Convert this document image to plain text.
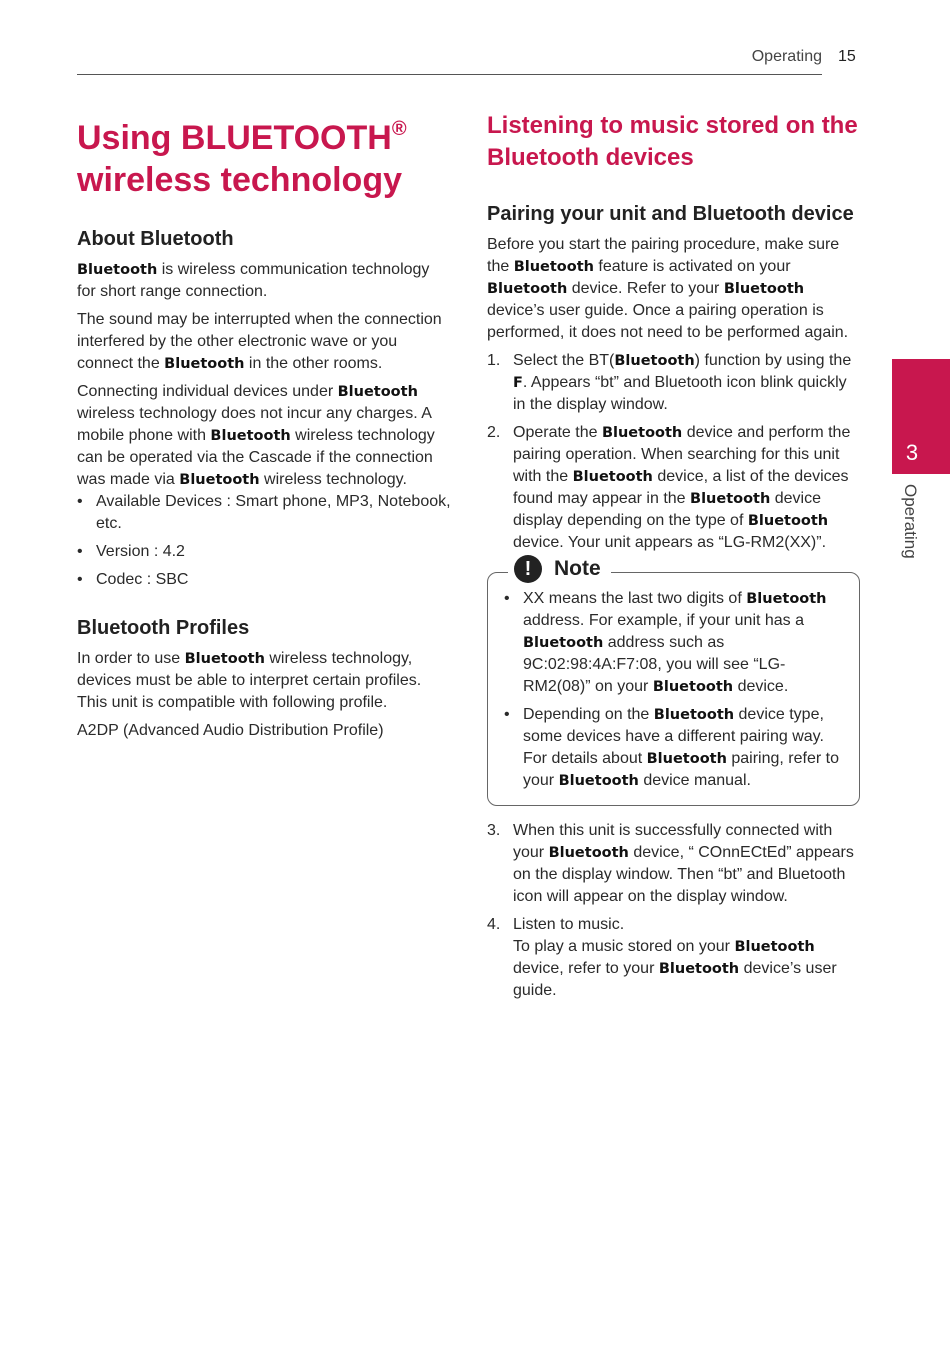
Operating 15
3
Operating
Using BLUETOOTH®
wireless technology
About Bluetooth

Bluetooth is wireless communication technology for short range connection.

The sound may be interrupted when the connection interfered by the other electronic wave or you connect the Bluetooth in the other rooms.

Connecting individual devices under Bluetooth wireless technology does not incur any charges. A mobile phone with Bluetooth wireless technology can be operated via the Cascade if the connection was made via Bluetooth wireless technology.

• Available Devices : Smart phone, MP3, Notebook, etc.
• Version : 4.2
• Codec : SBC
Bluetooth Profiles

In order to use Bluetooth wireless technology, devices must be able to interpret certain profiles. This unit is compatible with following profile.

A2DP (Advanced Audio Distribution Profile)

Listening to music stored on the Bluetooth devices
Pairing your unit and Bluetooth device

Before you start the pairing procedure, make sure the Bluetooth feature is activated on your Bluetooth device. Refer to your Bluetooth device’s user guide. Once a pairing operation is performed, it does not need to be performed again.

1. Select the BT(Bluetooth) function by using the F. Appears “bt” and Bluetooth icon blink quickly in the display window.
2. Operate the Bluetooth device and perform the pairing operation. When searching for this unit with the Bluetooth device, a list of the devices found may appear in the Bluetooth device display depending on the type of Bluetooth device. Your unit appears as “LG-RM2(XX)”.
!	Note
• XX means the last two digits of Bluetooth address. For example, if your unit has a Bluetooth address such as 9C:02:98:4A:F7:08, you will see “LG-RM2(08)” on your Bluetooth device.
• Depending on the Bluetooth device type, some devices have a different pairing way. For details about Bluetooth pairing, refer to your Bluetooth device manual.
3. When this unit is successfully connected with your Bluetooth device, “ COnnECtEd” appears on the display window. Then “bt” and Bluetooth icon will appear on the display window.
4. Listen to music.
To play a music stored on your Bluetooth device, refer to your Bluetooth device’s user guide.
